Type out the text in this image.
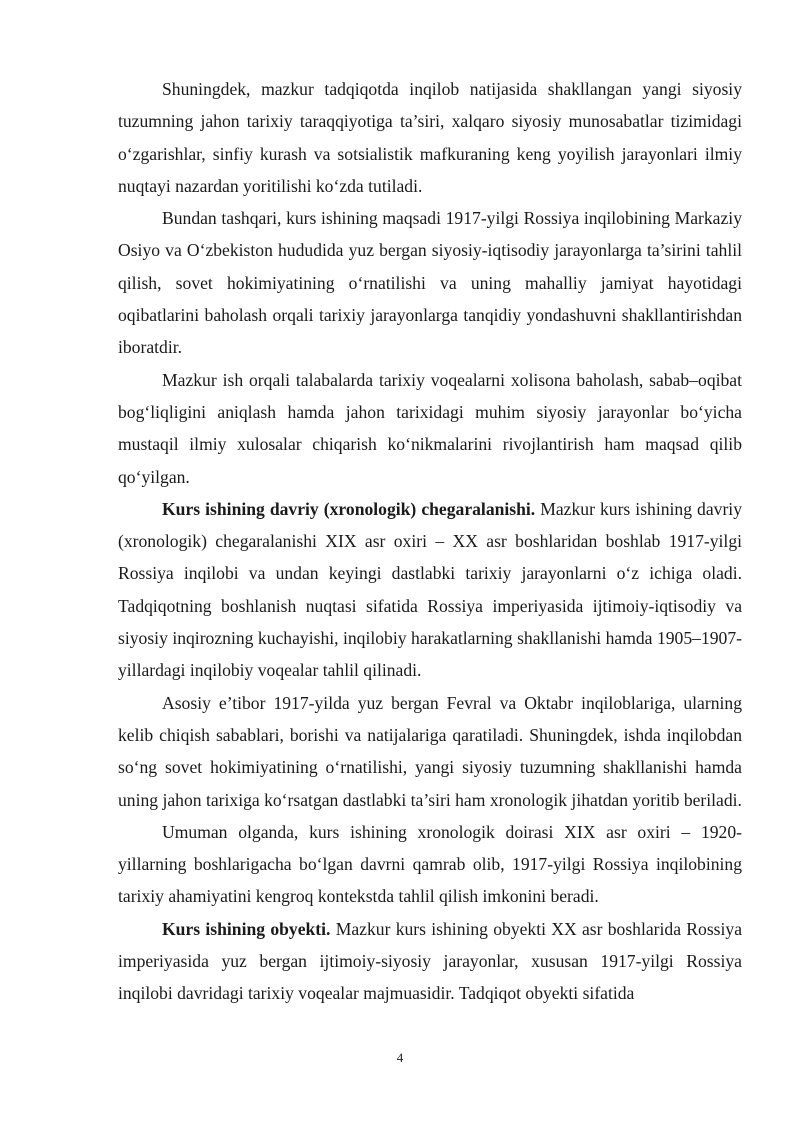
Shuningdek, mazkur tadqiqotda inqilob natijasida shakllangan yangi siyosiy tuzumning jahon tarixiy taraqqiyotiga ta’siri, xalqaro siyosiy munosabatlar tizimidagi o‘zgarishlar, sinfiy kurash va sotsialistik mafkuraning keng yoyilish jarayonlari ilmiy nuqtayi nazardan yoritilishi ko‘zda tutiladi.

Bundan tashqari, kurs ishining maqsadi 1917-yilgi Rossiya inqilobining Markaziy Osiyo va O‘zbekiston hududida yuz bergan siyosiy-iqtisodiy jarayonlarga ta’sirini tahlil qilish, sovet hokimiyatining o‘rnatilishi va uning mahalliy jamiyat hayotidagi oqibatlarini baholash orqali tarixiy jarayonlarga tanqidiy yondashuvni shakllantirishdan iboratdir.

Mazkur ish orqali talabalarda tarixiy voqealarni xolisona baholash, sabab–oqibat bog‘liqligini aniqlash hamda jahon tarixidagi muhim siyosiy jarayonlar bo‘yicha mustaqil ilmiy xulosalar chiqarish ko‘nikmalarini rivojlantirish ham maqsad qilib qo‘yilgan.

Kurs ishining davriy (xronologik) chegaralanishi. Mazkur kurs ishining davriy (xronologik) chegaralanishi XIX asr oxiri – XX asr boshlaridan boshlab 1917-yilgi Rossiya inqilobi va undan keyingi dastlabki tarixiy jarayonlarni o‘z ichiga oladi. Tadqiqotning boshlanish nuqtasi sifatida Rossiya imperiyasida ijtimoiy-iqtisodiy va siyosiy inqirozning kuchayishi, inqilobiy harakatlarning shakllanishi hamda 1905–1907-yillardagi inqilobiy voqealar tahlil qilinadi.

Asosiy e’tibor 1917-yilda yuz bergan Fevral va Oktabr inqiloblariga, ularning kelib chiqish sabablari, borishi va natijalariga qaratiladi. Shuningdek, ishda inqilobdan so‘ng sovet hokimiyatining o‘rnatilishi, yangi siyosiy tuzumning shakllanishi hamda uning jahon tarixiga ko‘rsatgan dastlabki ta’siri ham xronologik jihatdan yoritib beriladi.

Umuman olganda, kurs ishining xronologik doirasi XIX asr oxiri – 1920-yillarning boshlarigacha bo‘lgan davrni qamrab olib, 1917-yilgi Rossiya inqilobining tarixiy ahamiyatini kengroq kontekstda tahlil qilish imkonini beradi.

Kurs ishining obyekti. Mazkur kurs ishining obyekti XX asr boshlarida Rossiya imperiyasida yuz bergan ijtimoiy-siyosiy jarayonlar, xususan 1917-yilgi Rossiya inqilobi davridagi tarixiy voqealar majmuasidir. Tadqiqot obyekti sifatida

4
